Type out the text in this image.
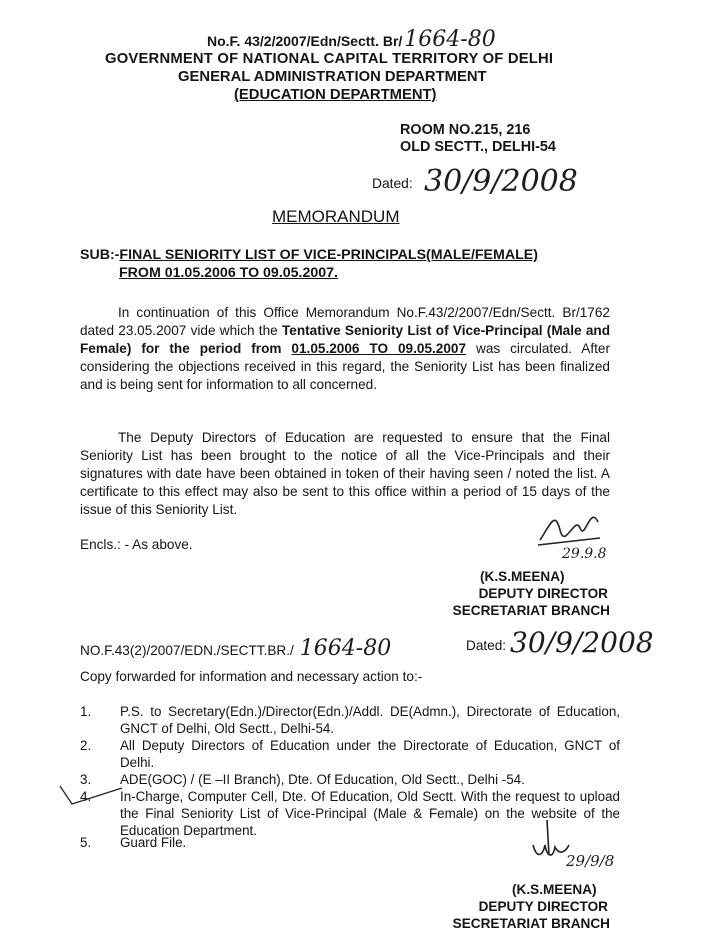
No.F. 43/2/2007/Edn/Sectt. Br/1664-80
GOVERNMENT OF NATIONAL CAPITAL TERRITORY OF DELHI
GENERAL ADMINISTRATION DEPARTMENT
(EDUCATION DEPARTMENT)
ROOM NO.215, 216
OLD SECTT., DELHI-54
Dated: 30/9/2008
MEMORANDUM
SUB:-FINAL SENIORITY LIST OF VICE-PRINCIPALS(MALE/FEMALE)
FROM 01.05.2006 TO 09.05.2007.
In continuation of this Office Memorandum No.F.43/2/2007/Edn/Sectt. Br/1762 dated 23.05.2007 vide which the Tentative Seniority List of Vice-Principal (Male and Female) for the period from 01.05.2006 TO 09.05.2007 was circulated. After considering the objections received in this regard, the Seniority List has been finalized and is being sent for information to all concerned.
The Deputy Directors of Education are requested to ensure that the Final Seniority List has been brought to the notice of all the Vice-Principals and their signatures with date have been obtained in token of their having seen / noted the list. A certificate to this effect may also be sent to this office within a period of 15 days of the issue of this Seniority List.
Encls.: - As above.
29.9.8
(K.S.MEENA)
DEPUTY DIRECTOR
SECRETARIAT BRANCH
NO.F.43(2)/2007/EDN./SECTT.BR./ 1664-80	Dated: 30/9/2008
Copy forwarded for information and necessary action to:-
1.	P.S. to Secretary(Edn.)/Director(Edn.)/Addl. DE(Admn.), Directorate of Education, GNCT of Delhi, Old Sectt., Delhi-54.
2.	All Deputy Directors of Education under the Directorate of Education, GNCT of Delhi.
3.	ADE(GOC) / (E –II Branch), Dte. Of Education, Old Sectt., Delhi -54.
4.	In-Charge, Computer Cell, Dte. Of Education, Old Sectt. With the request to upload the Final Seniority List of Vice-Principal (Male & Female) on the website of the Education Department.
5.	Guard File.
29/9/8
(K.S.MEENA)
DEPUTY DIRECTOR
SECRETARIAT BRANCH
